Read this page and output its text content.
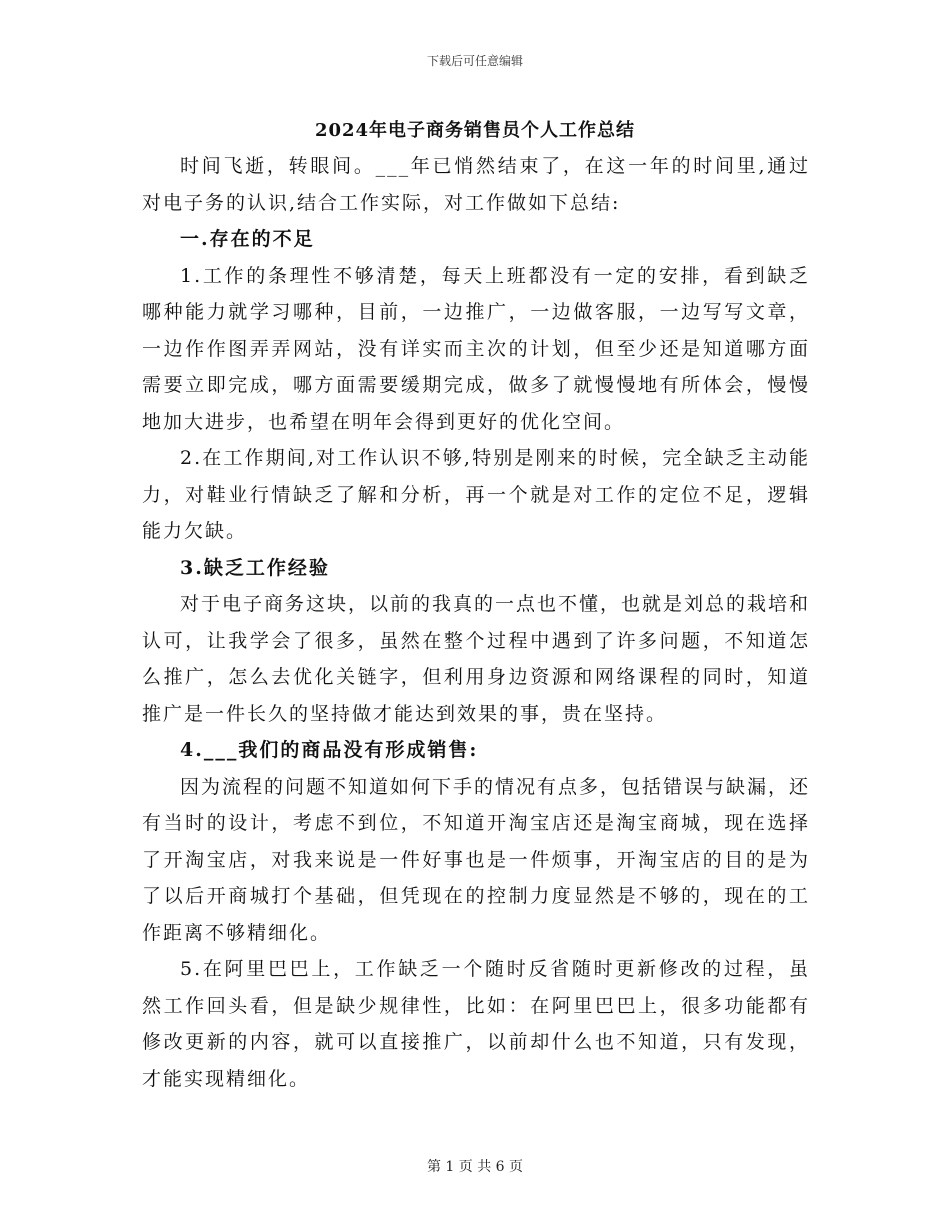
下载后可任意编辑
2024年电子商务销售员个人工作总结

时间飞逝，转眼间。___年已悄然结束了，在这一年的时间里,通过对电子务的认识,结合工作实际，对工作做如下总结:

一.存在的不足

1.工作的条理性不够清楚，每天上班都没有一定的安排，看到缺乏哪种能力就学习哪种，目前，一边推广，一边做客服，一边写写文章，一边作作图弄弄网站，没有详实而主次的计划，但至少还是知道哪方面需要立即完成，哪方面需要缓期完成，做多了就慢慢地有所体会，慢慢地加大进步，也希望在明年会得到更好的优化空间。

2.在工作期间,对工作认识不够,特别是刚来的时候，完全缺乏主动能力，对鞋业行情缺乏了解和分析，再一个就是对工作的定位不足，逻辑能力欠缺。

3.缺乏工作经验

对于电子商务这块，以前的我真的一点也不懂，也就是刘总的栽培和认可，让我学会了很多，虽然在整个过程中遇到了许多问题，不知道怎么推广，怎么去优化关链字，但利用身边资源和网络课程的同时，知道推广是一件长久的坚持做才能达到效果的事，贵在坚持。

4.___我们的商品没有形成销售:

因为流程的问题不知道如何下手的情况有点多，包括错误与缺漏，还有当时的设计，考虑不到位，不知道开淘宝店还是淘宝商城，现在选择了开淘宝店，对我来说是一件好事也是一件烦事，开淘宝店的目的是为了以后开商城打个基础，但凭现在的控制力度显然是不够的，现在的工作距离不够精细化。

5.在阿里巴巴上，工作缺乏一个随时反省随时更新修改的过程，虽然工作回头看，但是缺少规律性，比如：在阿里巴巴上，很多功能都有修改更新的内容，就可以直接推广，以前却什么也不知道，只有发现，才能实现精细化。

第 1 页 共 6 页
